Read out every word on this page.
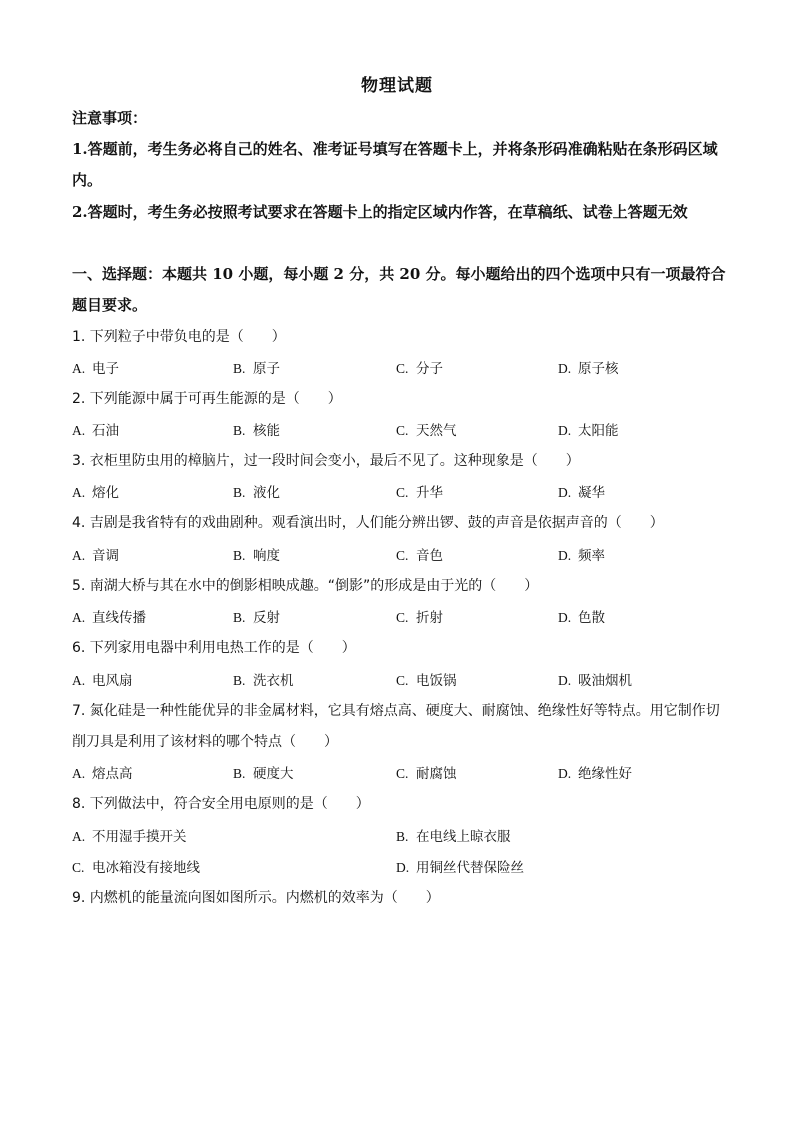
物理试题
注意事项：
1.答题前，考生务必将自己的姓名、准考证号填写在答题卡上，并将条形码准确粘贴在条形码区域内。
2.答题时，考生务必按照考试要求在答题卡上的指定区域内作答，在草稿纸、试卷上答题无效
一、选择题：本题共 10 小题，每小题 2 分，共 20 分。每小题给出的四个选项中只有一项最符合题目要求。
1. 下列粒子中带负电的是（　　）
A. 电子	B. 原子	C. 分子	D. 原子核
2. 下列能源中属于可再生能源的是（　　）
A. 石油	B. 核能	C. 天然气	D. 太阳能
3. 衣柜里防虫用的樟脑片，过一段时间会变小，最后不见了。这种现象是（　　）
A. 熔化	B. 液化	C. 升华	D. 凝华
4. 吉剧是我省特有的戏曲剧种。观看演出时，人们能分辨出锣、鼓的声音是依据声音的（　　）
A. 音调	B. 响度	C. 音色	D. 频率
5. 南湖大桥与其在水中的倒影相映成趣。“倒影”的形成是由于光的（　　）
A. 直线传播	B. 反射	C. 折射	D. 色散
6. 下列家用电器中利用电热工作的是（　　）
A. 电风扇	B. 洗衣机	C. 电饭锅	D. 吸油烟机
7. 氮化硅是一种性能优异的非金属材料，它具有熔点高、硬度大、耐腐蚀、绝缘性好等特点。用它制作切削刀具是利用了该材料的哪个特点（　　）
A. 熔点高	B. 硬度大	C. 耐腐蚀	D. 绝缘性好
8. 下列做法中，符合安全用电原则的是（　　）
A. 不用湿手摸开关	B. 在电线上晾衣服
C. 电冰箱没有接地线	D. 用铜丝代替保险丝
9. 内燃机的能量流向图如图所示。内燃机的效率为（　　）
